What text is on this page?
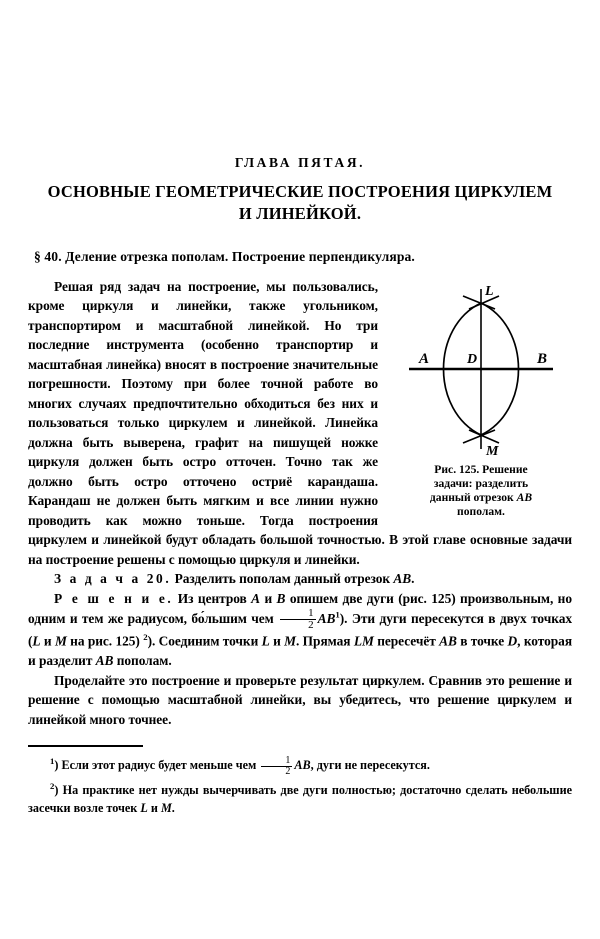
ГЛАВА ПЯТАЯ.
ОСНОВНЫЕ ГЕОМЕТРИЧЕСКИЕ ПОСТРОЕНИЯ ЦИРКУЛЕМ
И ЛИНЕЙКОЙ.
§ 40. Деление отрезка пополам. Построение перпендикуляра.
A	B
D
L
M
Рис. 125. Решение
задачи: разделить
данный отрезок AB
пополам.

Решая ряд задач на построение, мы пользовались, кроме циркуля и линейки, также угольником, транспортиром и масштабной линейкой. Но три последние инструмента (особенно транспортир и масштабная линейка) вносят в построение значительные погрешности. Поэтому при более точной работе во многих случаях предпочтительно обходиться без них и пользоваться только циркулем и линейкой. Линейка должна быть выверена, графит на пишущей ножке циркуля должен быть остро отточен. Точно так же должно быть остро отточено остриё карандаша. Карандаш не должен быть мягким и все линии нужно проводить как можно тоньше. Тогда построения циркулем и линейкой будут обладать большой точностью. В этой главе основные задачи на построение решены с помощью циркуля и линейки.

З а д а ч а 20. Разделить пополам данный отрезок AB.

Р е ш е н и е. Из центров A и B опишем две дуги (рис. 125) произвольным, но одним и тем же радиусом, бо́льшим чем $\frac{1}{2} AB^1$). Эти дуги пересекутся в двух точках (L и M на рис. 125) $^2$). Соединим точки L и M. Прямая LM пересечёт AB в точке D, которая и разделит AB пополам.

Проделайте это построение и проверьте результат циркулем. Сравнив это решение и решение с помощью масштабной линейки, вы убедитесь, что решение циркулем и линейкой много точнее.

$^1$) Если этот радиус будет меньше чем $\frac{1}{2}$ AB, дуги не пересекутся.

$^2$) На практике нет нужды вычерчивать две дуги полностью; достаточно сделать небольшие засечки возле точек L и M.
